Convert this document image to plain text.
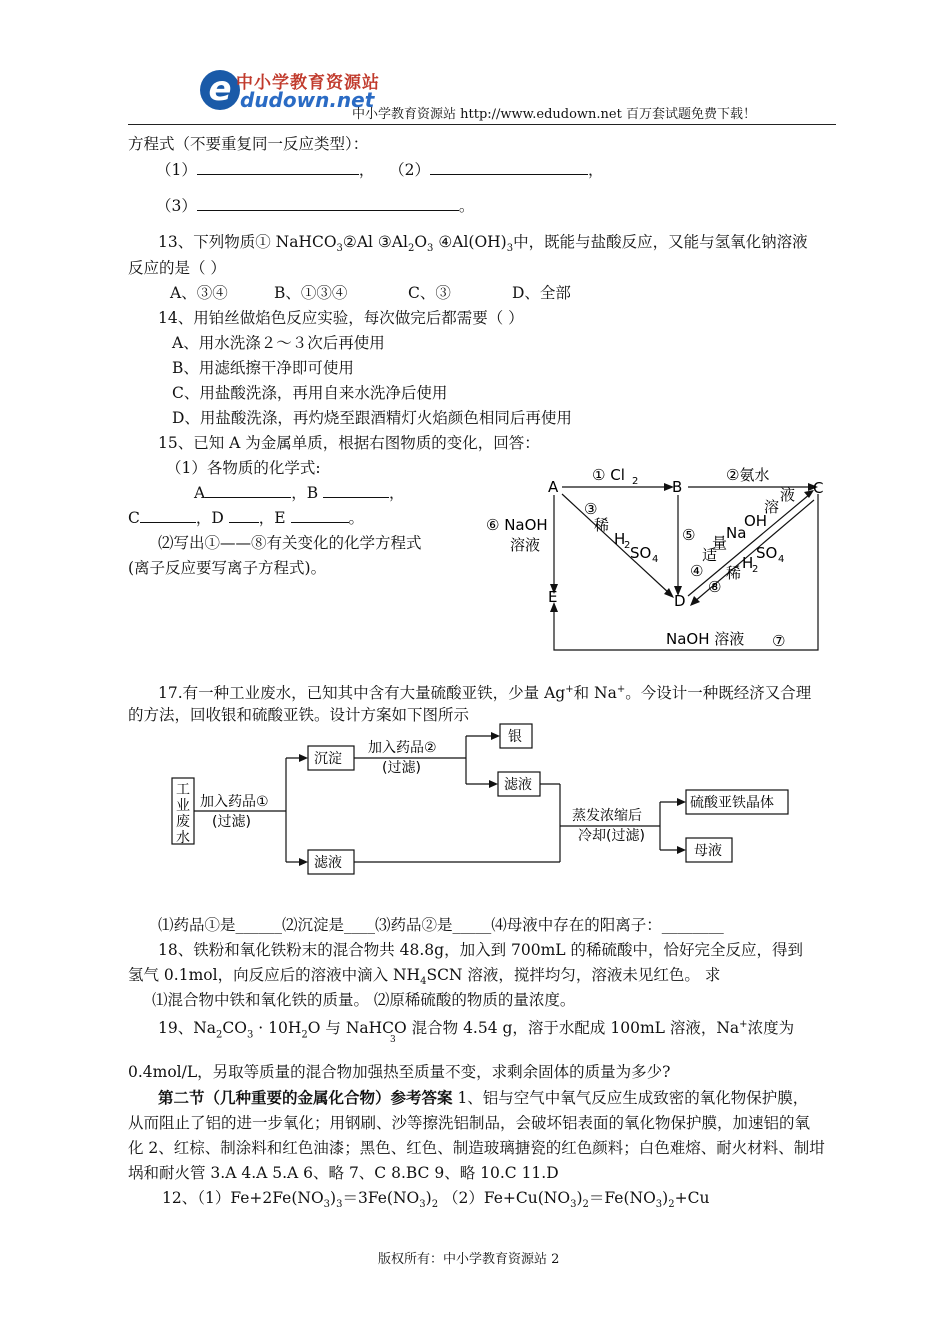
e 中小学教育资源站
dudown.net
中小学教育资源站 http://www.edudown.net 百万套试题免费下载！
方程式（不要重复同一反应类型）：
（1）	， （2）	，
（3）	。
13、下列物质① NaHCO$_3$②Al $③Al_2O_3$ $④Al(OH)_3$中，既能与盐酸反应，又能与氢氧化钠溶液
反应的是（ ）
A、③④	B、①③④	C、③	D、全部
14、用铂丝做焰色反应实验，每次做完后都需要（ ）
A、用水洗涤２～３次后再使用
B、用滤纸擦干净即可使用
C、用盐酸洗涤，再用自来水洗净后使用
D、用盐酸洗涤，再灼烧至跟酒精灯火焰颜色相同后再使用
15、已知 A 为金属单质，根据右图物质的变化，回答：
（1）各物质的化学式:
A	，B	，
C	，D ，E	。
⑵写出①——⑧有关变化的化学方程式
(离子反应要写离子方程式)。
A	B	C
D
E
① Cl 2	②氨水
③
稀
H
2 SO 4
⑤
⑥ NaOH
溶液
④
适
量
Na
OH
溶
液
⑧
稀
H
2
SO 4
NaOH 溶液 ⑦
17.有一种工业废水，已知其中含有大量硫酸亚铁，少量 Ag+和 Na+。今设计一种既经济又合理
的方法，回收银和硫酸亚铁。设计方案如下图所示
工
业
废
水
加入药品①
(过滤)
沉淀
加入药品②
(过滤)
银
滤液
滤液
蒸发浓缩后
冷却(过滤)
硫酸亚铁晶体
母液
⑴药品①是______⑵沉淀是____⑶药品②是_____⑷母液中存在的阳离子：________
18、铁粉和氧化铁粉末的混合物共 48.8g，加入到 700mL 的稀硫酸中，恰好完全反应，得到
氢气 0.1mol，向反应后的溶液中滴入 $NH_4SCN$ 溶液，搅拌均匀，溶液未见红色。 求
⑴混合物中铁和氧化铁的质量。 ⑵原稀硫酸的物质的量浓度。
19、$Na_2CO_3 \cdot 10H_2O$ 与 NaHCO 混合物 4.54 g，溶于水配成 100mL 溶液，Na+浓度为
3
0.4mol/L，另取等质量的混合物加强热至质量不变，求剩余固体的质量为多少?
第二节（几种重要的金属化合物）参考答案 1、铝与空气中氧气反应生成致密的氧化物保护膜，
从而阻止了铝的进一步氧化；用钢刷、沙等擦洗铝制品，会破坏铝表面的氧化物保护膜，加速铝的氧
化 2、红棕、制涂料和红色油漆；黑色、红色、制造玻璃搪瓷的红色颜料；白色难熔、耐火材料、制坩
埚和耐火管 3.A 4.A 5.A 6、略 7、C 8.BC 9、略 10.C 11.D
12、$(1)Fe+2Fe(NO_3)_3=3Fe(NO_3)_2$ $(2)Fe+Cu(NO_3)_2=Fe(NO_3)_2+Cu$
版权所有：中小学教育资源站 2
